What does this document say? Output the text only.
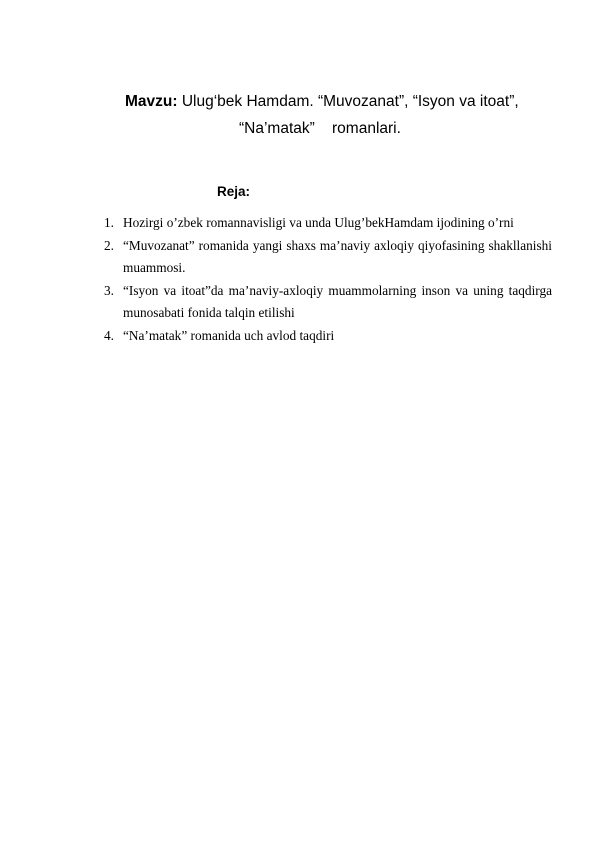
Mavzu: Ulug‘bek Hamdam. “Muvozanat”, “Isyon va itoat”,
“Na’matak”    romanlari.
Reja:
1. Hozirgi o’zbek romannavisligi va unda Ulug’bekHamdam ijodining o’rni
2. “Muvozanat” romanida yangi shaxs ma’naviy axloqiy qiyofasining shakllanishi muammosi.
3. “Isyon va itoat”da ma’naviy-axloqiy muammolarning inson va uning taqdirga munosabati fonida talqin etilishi
4. “Na’matak” romanida uch avlod taqdiri
